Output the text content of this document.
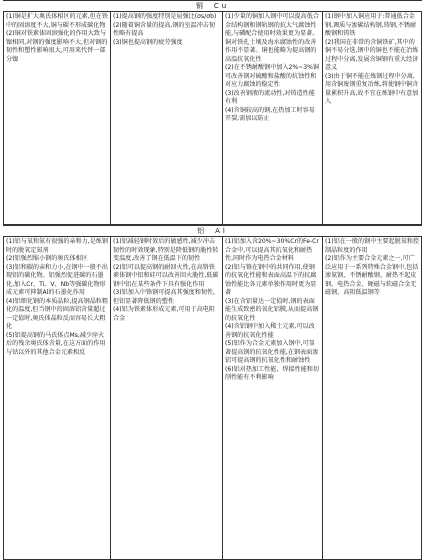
铜 Cu

(1)铜是扩大奥氏体相区的元素,但在铁中的固溶度不大,铜与碳不形成碳化物

(2)铜对铁素体固溶强化的作用大致与镍相同,对钢的强度影响不大,但对钢的韧性和塑性影响很大,可用来代替一部分镍

(1)提高钢的强度特别是屈强比(σs/σb)

(2)随着铜含量的提高,钢的室温冲击韧性略有提高

(3)铜也提高钢的疲劳强度

(1)少量的铜加入钢中可以提高低合金结构钢和钢轨钢的抗大气腐蚀性能,与磷配合使用时效果更为显著。铜对铁孔土壤及海水腐蚀性的改善作用不显著。铜也能略为提高钢的高温抗氧化性

(2)在不锈耐酸钢中加入2%~3%铜可改善钢对硫酸和盐酸的抗蚀性和对应力腐蚀的稳定性

(3)改善钢液的流动性,对铸造性能有利

(4)含铜较高的钢,在热加工时容易开裂,需加以防止

(1)钢中加入铜应用于:普通低合金钢,调质与渗碳结构钢,铸钢,不锈耐酸钢和铸铁

(2)我国在非常的含铜铁矿,其中的铜不易分选,钢中的铜也不能在冶炼过程中分离,发展含铜钢有重大经济意义

(3)由于铜不能在炼钢过程中分离,用含铜废钢重复冶炼,将使钢中铜含量累积升高,故不宜在炼钢中有意加入

铝 Al

(1)铝与氧和氮有很强的亲和力,是炼钢时的脱氧定氮剂

(2)铝强烈缩小钢的奥氏体相区

(3)铝和碳的亲和力小,在钢中一般不出现铝的碳化物。铝强烈促进碳的石墨化,加入Cr、Ti、V、Nb等强碳化物形成元素可抑制Al的石墨化作用

(4)铝细化钢的本质晶粒,提高钢晶粒粗化的温度,但当钢中的固溶铝含量超过一定值时,奥氏体晶粒反而容易长大粗化

(5)铝提高钢的马氏体点Ms,减少淬火后的残余奥氏体含量,在这方面的作用与钴以外的其他合金元素相反

(1)铝减轻钢时效后的敏感性,减少冲击韧性的时效现象,特别是降低钢的脆性转变温度,改善了钢在低温下的韧性

(2)铝可以提高钢的耐回火性,在高铬铁素体钢中铝和硅可以改善回火脆性,低碳钢中铝在某些条件下具有强化作用

(3)铝加入中铬钢可提高其强度和韧性,但铝显著降低钢的塑性

(4)铝为铁素体形成元素,可用于高电阻合金

(1)铝加入含20%~30%Cr的Fe-Cr合金中,可以提高其抗氧化和耐热性,同时作为电热合金材料

(2)铝与铬在钢中的共同作用,使钢的抗氧化性能和表面高温下的抗腐蚀性能比各元素单独作用时更为显著

(3)在含铝量达一定值时,钢的表面能生成致密的氧化铝膜,从而提高钢的抗氧化性

(4)含铝钢中加入稀土元素,可以改善钢的抗氧化性能

(5)铝作为合金元素加入钢中,可显著提高钢的抗氧化性能,在钢表面渗铝可提高钢的抗氧化性和耐蚀性

(6)铝对热加工性能、焊接性能和切削性能有不利影响

(1)铝在一般的钢中主要起脱氧和控制晶粒度的作用

(2)铝作为主要合金元素之一,可广泛应用于一系列特殊合金钢中,包括渗氮钢、不锈耐酸钢、耐热不起皮钢、电热合金、硬磁与软磁合金无磁钢、高阻低温钢等
